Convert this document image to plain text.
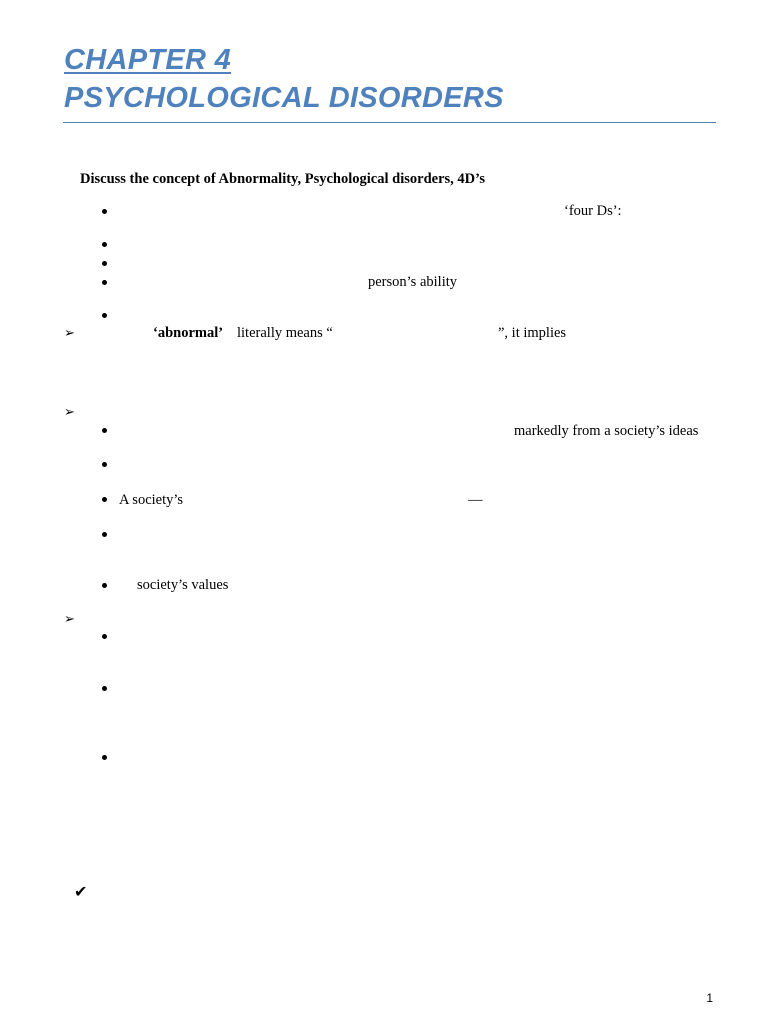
CHAPTER 4
PSYCHOLOGICAL DISORDERS
Discuss the concept of Abnormality, Psychological disorders, 4D’s
‘four Ds’:
person’s ability
➢	‘abnormal’ literally means “	”, it implies
➢
markedly from a society’s ideas
A society’s	—
society’s values
➢
✔
1
